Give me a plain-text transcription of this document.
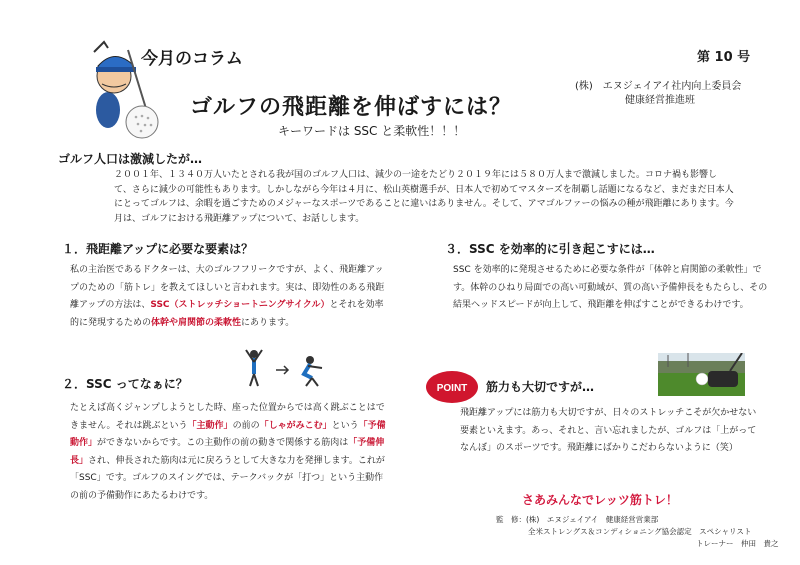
今月のコラム	第 10 号
(株)　エヌジェイアイ社内向上委員会
健康経営推進班
ゴルフの飛距離を伸ばすには？
キーワードは SSC と柔軟性！！！
ゴルフ人口は激減したが…
２００１年、１３４０万人いたとされる我が国のゴルフ人口は、減少の一途をたどり２０１９年には５８０万人まで激減しました。コロナ禍も影響して、さらに減少の可能性もあります。しかしながら今年は４月に、松山英樹選手が、日本人で初めてマスターズを制覇し話題になるなど、まだまだ日本人にとってゴルフは、余暇を過ごすためのメジャーなスポーツであることに違いはありません。そして、アマゴルファーの悩みの種が飛距離にあります。今月は、ゴルフにおける飛距離アップについて、お話しします。
１．飛距離アップに必要な要素は？
私の主治医であるドクターは、大のゴルフフリークですが、よく、飛距離アップのための「筋トレ」を教えてほしいと言われます。実は、即効性のある飛距離アップの方法は、SSC（ストレッチショートニングサイクル）とそれを効率的に発現するための体幹や肩関節の柔軟性にあります。
２．SSC ってなぁに？
たとえば高くジャンプしようとした時、座った位置からでは高く跳ぶことはできません。それは跳ぶという「主動作」の前の「しゃがみこむ」という「予備動作」ができないからです。この主動作の前の動きで関係する筋肉は「予備伸長」され、伸長された筋肉は元に戻ろうとして大きな力を発揮します。これが「SSC」です。ゴルフのスイングでは、テークバックが「打つ」という主動作の前の予備動作にあたるわけです。
３．SSC を効率的に引き起こすには…
SSC を効率的に発現させるために必要な条件が「体幹と肩関節の柔軟性」です。体幹のひねり局面での高い可動域が、質の高い予備伸長をもたらし、その結果ヘッドスピードが向上して、飛距離を伸ばすことができるわけです。
POINT 筋力も大切ですが…
飛距離アップには筋力も大切ですが、日々のストレッチこそが欠かせない要素といえます。あっ、それと、言い忘れましたが、ゴルフは「上がってなんぼ」のスポーツです。飛距離にばかりこだわらないように（笑）
さあみんなでレッツ筋トレ！
監　修：(株)　エヌジェイアイ　健康経営営業部
全米ストレングス＆コンディショニング協会認定　スペシャリスト
トレーナー　仲田　貴之
